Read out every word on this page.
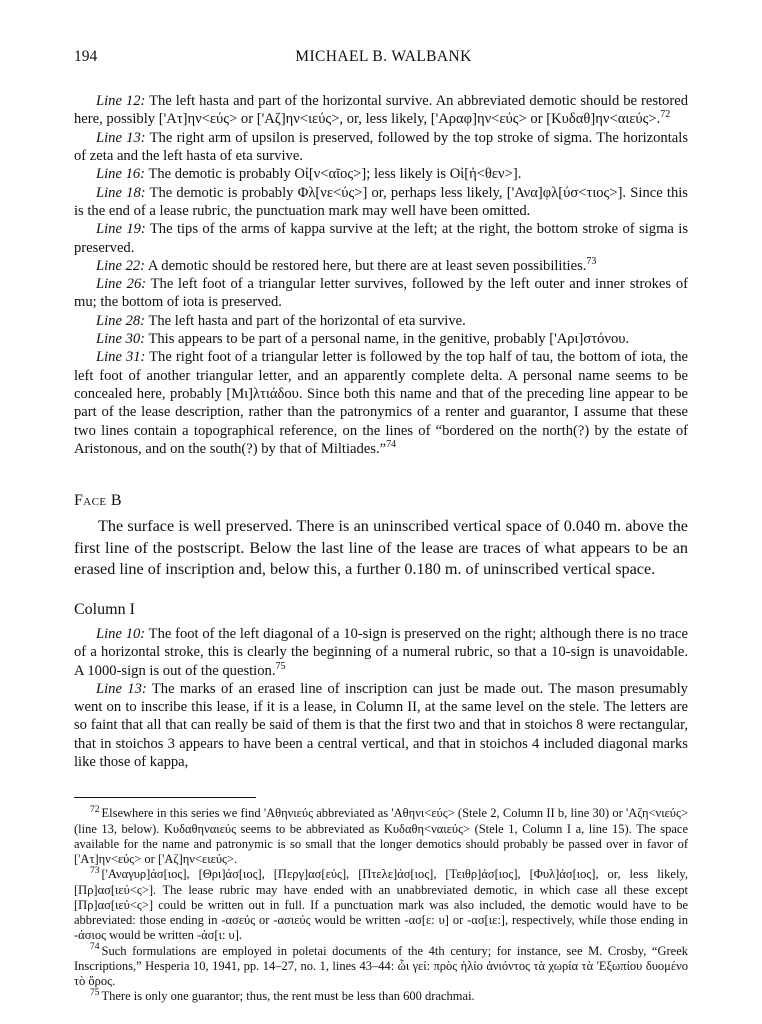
194	MICHAEL B. WALBANK

Line 12: The left hasta and part of the horizontal survive. An abbreviated demotic should be restored here, possibly ['Ατ]ην<εύς> or ['Αζ]ην<ιεύς>, or, less likely, ['Αραφ]ην<εύς> or [Κυδαθ]ην<αιεύς>.$^{72}$

Line 13: The right arm of upsilon is preserved, followed by the top stroke of sigma. The horizontals of zeta and the left hasta of eta survive.

Line 16: The demotic is probably Οἰ[ν<αῖος>]; less likely is Οἰ[ἠ<θεν>].

Line 18: The demotic is probably Φλ[νε<ύς>] or, perhaps less likely, ['Ανα]φλ[ύσ<τιος>]. Since this is the end of a lease rubric, the punctuation mark may well have been omitted.

Line 19: The tips of the arms of kappa survive at the left; at the right, the bottom stroke of sigma is preserved.

Line 22: A demotic should be restored here, but there are at least seven possibilities.$^{73}$

Line 26: The left foot of a triangular letter survives, followed by the left outer and inner strokes of mu; the bottom of iota is preserved.

Line 28: The left hasta and part of the horizontal of eta survive.

Line 30: This appears to be part of a personal name, in the genitive, probably ['Αρι]στόνου.

Line 31: The right foot of a triangular letter is followed by the top half of tau, the bottom of iota, the left foot of another triangular letter, and an apparently complete delta. A personal name seems to be concealed here, probably [Μι]λτιάδου. Since both this name and that of the preceding line appear to be part of the lease description, rather than the patronymics of a renter and guarantor, I assume that these two lines contain a topographical reference, on the lines of “bordered on the north(?) by the estate of Aristonous, and on the south(?) by that of Miltiades.”$^{74}$

Face B

The surface is well preserved. There is an uninscribed vertical space of 0.040 m. above the first line of the postscript. Below the last line of the lease are traces of what appears to be an erased line of inscription and, below this, a further 0.180 m. of uninscribed vertical space.

Column I

Line 10: The foot of the left diagonal of a 10-sign is preserved on the right; although there is no trace of a horizontal stroke, this is clearly the beginning of a numeral rubric, so that a 10-sign is unavoidable. A 1000-sign is out of the question.$^{75}$

Line 13: The marks of an erased line of inscription can just be made out. The mason presumably went on to inscribe this lease, if it is a lease, in Column II, at the same level on the stele. The letters are so faint that all that can really be said of them is that the first two and that in stoichos 8 were rectangular, that in stoichos 3 appears to have been a central vertical, and that in stoichos 4 included diagonal marks like those of kappa,

$^{72}$ Elsewhere in this series we find 'Αθηνιεύς abbreviated as 'Αθηνι<εύς> (Stele 2, Column II b, line 30) or 'Αζη<νιεύς> (line 13, below). Κυδαθηναιεύς seems to be abbreviated as Κυδαθη<ναιεύς> (Stele 1, Column I a, line 15). The space available for the name and patronymic is so small that the longer demotics should probably be passed over in favor of ['Ατ]ην<εύς> or ['Αζ]ην<ειεύς>.

$^{73}$ ['Αναγυρ]άσ[ιος], [Θρι]άσ[ιος], [Περγ]ασ[εύς], [Πτελε]άσ[ιος], [Τειθρ]άσ[ιος], [Φυλ]άσ[ιος], or, less likely, [Πρ]ασ[ιεύ<ς>]. The lease rubric may have ended with an unabbreviated demotic, in which case all these except [Πρ]ασ[ιεύ<ς>] could be written out in full. If a punctuation mark was also included, the demotic would have to be abbreviated: those ending in -ασεύς or -ασιεύς would be written -ασ[ε: υ] or -ασ[ιε:], respectively, while those ending in -άσιος would be written -άσ[ι: υ].

$^{74}$ Such formulations are employed in poletai documents of the 4th century; for instance, see M. Crosby, “Greek Inscriptions,” Hesperia 10, 1941, pp. 14–27, no. 1, lines 43–44: ὧι γεί: πρὸς ἡλίο ἀνιόντος τὰ χωρία τὰ 'Εξωπίου δυομένο τὸ ὄρος.

$^{75}$ There is only one guarantor; thus, the rent must be less than 600 drachmai.
